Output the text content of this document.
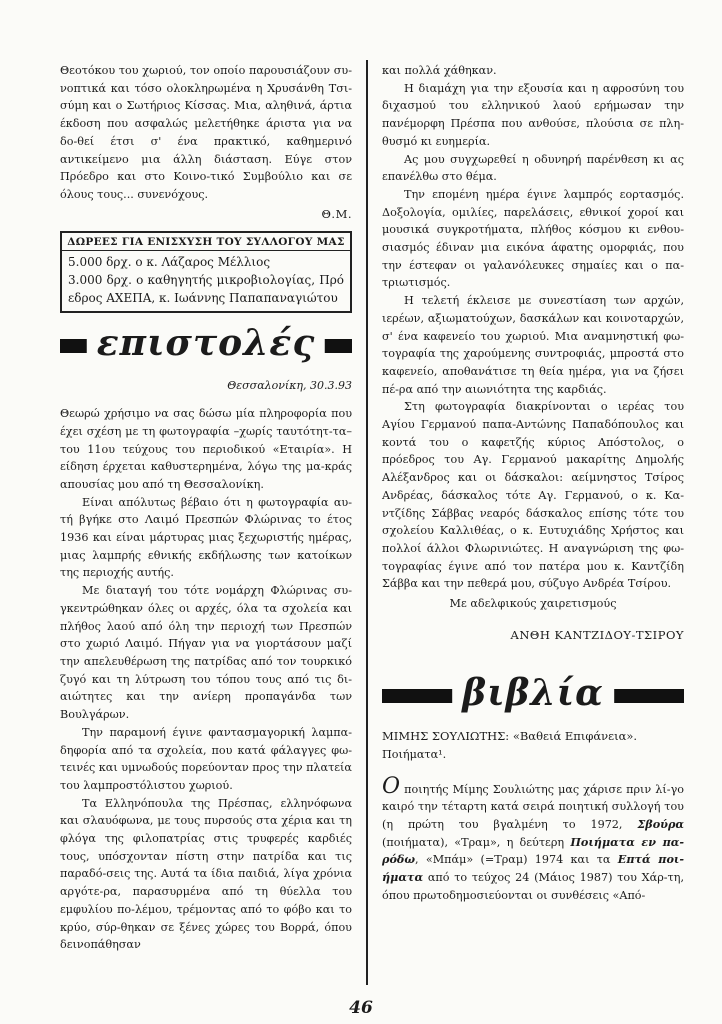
Θεοτόκου του χωριού, τον οποίο παρουσιάζουν συ-νοπτικά και τόσο ολοκληρωμένα η Χρυσάνθη Τσι-σύμη και ο Σωτήριος Κίσσας. Μια, αληθινά, άρτια έκδοση που ασφαλώς μελετήθηκε άριστα για να δο-θεί έτσι σ' ένα πρακτικό, καθημερινό αντικείμενο μια άλλη διάσταση. Εύγε στον Πρόεδρο και στο Κοινο-τικό Συμβούλιο και σε όλους τους... συνενόχους.

Θ.Μ.

ΔΩΡΕΕΣ ΓΙΑ ΕΝΙΣΧΥΣΗ ΤΟΥ ΣΥΛΛΟΓΟΥ ΜΑΣ

5.000 δρχ. ο κ. Λάζαρος Μέλλιος

3.000 δρχ. ο καθηγητής μικροβιολογίας, Πρό εδρος ΑΧΕΠΑ, κ. Ιωάννης Παπαπαναγιώτου

επιστολές

Θεσσαλονίκη, 30.3.93

Θεωρώ χρήσιμο να σας δώσω μία πληροφορία που έχει σχέση με τη φωτογραφία –χωρίς ταυτότητ-τα– του 11ου τεύχους του περιοδικού «Εταιρία». Η είδηση έρχεται καθυστερημένα, λόγω της μα-κράς απουσίας μου από τη Θεσσαλονίκη.

Είναι απόλυτως βέβαιο ότι η φωτογραφία αυ-τή βγήκε στο Λαιμό Πρεσπών Φλώρινας το έτος 1936 και είναι μάρτυρας μιας ξεχωριστής ημέρας, μιας λαμπρής εθνικής εκδήλωσης των κατοίκων της περιοχής αυτής.

Με διαταγή του τότε νομάρχη Φλώρινας συ-γκεντρώθηκαν όλες οι αρχές, όλα τα σχολεία και πλήθος λαού από όλη την περιοχή των Πρεσπών στο χωριό Λαιμό. Πήγαν για να γιορτάσουν μαζί την απελευθέρωση της πατρίδας από τον τουρκικό ζυγό και τη λύτρωση του τόπου τους από τις δι-αιώτητες και την ανίερη προπαγάνδα των Βουλγάρων.

Την παραμονή έγινε φαντασμαγορική λαμπα-δηφορία από τα σχολεία, που κατά φάλαγγες φω-τεινές και υμνωδούς πορεύονταν προς την πλατεία του λαμπροστόλιστου χωριού.

Τα Ελληνόπουλα της Πρέσπας, ελληνόφωνα και σλαυόφωνα, με τους πυρσούς στα χέρια και τη φλόγα της φιλοπατρίας στις τρυφερές καρδιές τους, υπόσχονταν πίστη στην πατρίδα και τις παραδό-σεις της. Αυτά τα ίδια παιδιά, λίγα χρόνια αργότε-ρα, παρασυρμένα από τη θύελλα του εμφυλίου πο-λέμου, τρέμοντας από το φόβο και το κρύο, σύρ-θηκαν σε ξένες χώρες του Βορρά, όπου δεινοπάθησαν

και πολλά χάθηκαν.

Η διαμάχη για την εξουσία και η αφροσύνη του διχασμού του ελληνικού λαού ερήμωσαν την πανέμορφη Πρέσπα που ανθούσε, πλούσια σε πλη-θυσμό κι ευημερία.

Ας μου συγχωρεθεί η οδυνηρή παρένθεση κι ας επανέλθω στο θέμα.

Την επομένη ημέρα έγινε λαμπρός εορτασμός. Δοξολογία, ομιλίες, παρελάσεις, εθνικοί χοροί και μουσικά συγκροτήματα, πλήθος κόσμου κι ενθου-σιασμός έδιναν μια εικόνα άφατης ομορφιάς, που την έστεφαν οι γαλανόλευκες σημαίες και ο πα-τριωτισμός.

Η τελετή έκλεισε με συνεστίαση των αρχών, ιερέων, αξιωματούχων, δασκάλων και κοινοταρχών, σ' ένα καφενείο του χωριού. Μια αναμνηστική φω-τογραφία της χαρούμενης συντροφιάς, μπροστά στο καφενείο, αποθανάτισε τη θεία ημέρα, για να ζήσει πέ-ρα από την αιωνιότητα της καρδιάς.

Στη φωτογραφία διακρίνονται ο ιερέας του Αγίου Γερμανού παπα-Αντώνης Παπαδόπουλος και κοντά του ο καφετζής κύριος Απόστολος, ο πρόεδρος του Αγ. Γερμανού μακαρίτης Δημολής Αλέξανδρος και οι δάσκαλοι: αείμνηστος Τσίρος Ανδρέας, δάσκαλος τότε Αγ. Γερμανού, ο κ. Κα-ντζίδης Σάββας νεαρός δάσκαλος επίσης τότε του σχολείου Καλλιθέας, ο κ. Ευτυχιάδης Χρήστος και πολλοί άλλοι Φλωρινιώτες. Η αναγνώριση της φω-τογραφίας έγινε από τον πατέρα μου κ. Καντζίδη Σάββα και την πεθερά μου, σύζυγο Ανδρέα Τσίρου.

Με αδελφικούς χαιρετισμούς

ΑΝΘΗ ΚΑΝΤΖΙΔΟΥ-ΤΣΙΡΟΥ

βιβλία

ΜΙΜΗΣ ΣΟΥΛΙΩΤΗΣ: «Βαθειά Επιφάνεια».
Ποιήματα¹.

Ο ποιητής Μίμης Σουλιώτης μας χάρισε πριν λί-γο καιρό την τέταρτη κατά σειρά ποιητική συλλογή του (η πρώτη του βγαλμένη το 1972, Σβούρα (ποιήματα), «Τραμ», η δεύτερη Ποιήματα εν πα-ρόδω, «Μπάμ» (=Τραμ) 1974 και τα Επτά ποι-ήματα από το τεύχος 24 (Μάιος 1987) του Χάρ-τη, όπου πρωτοδημοσιεύονται οι συνθέσεις «Από-

46
